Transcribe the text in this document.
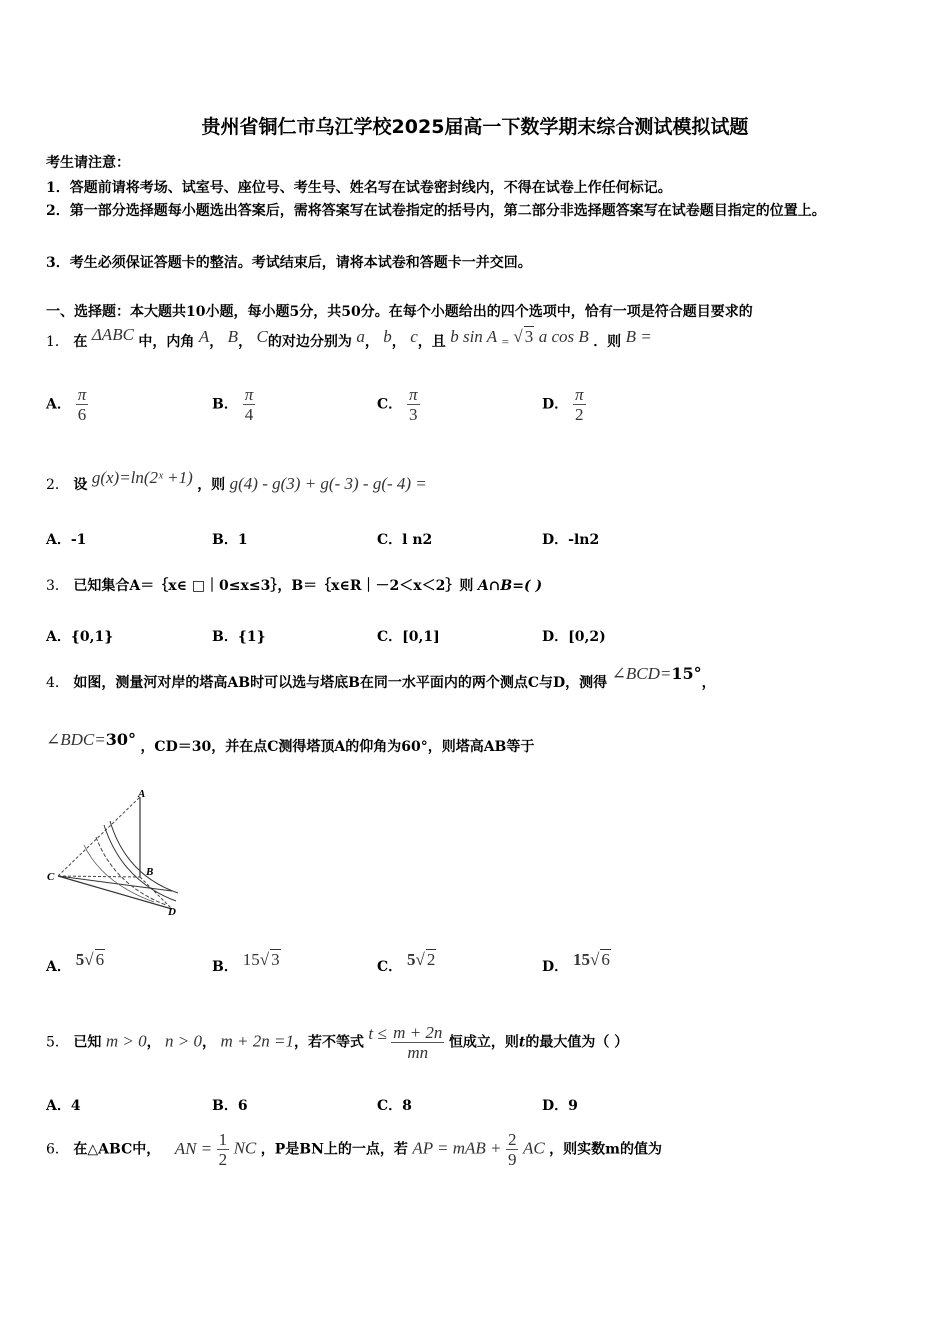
贵州省铜仁市乌江学校2025届高一下数学期末综合测试模拟试题
考生请注意：
1．答题前请将考场、试室号、座位号、考生号、姓名写在试卷密封线内，不得在试卷上作任何标记。
2．第一部分选择题每小题选出答案后，需将答案写在试卷指定的括号内，第二部分非选择题答案写在试卷题目指定的位置上。
3．考生必须保证答题卡的整洁。考试结束后，请将本试卷和答题卡一并交回。
一、选择题：本大题共10小题，每小题5分，共50分。在每个小题给出的四个选项中，恰有一项是符合题目要求的
1． 在 ΔABC 中，内角 A， B， C的对边分别为 a， b， c，且 b sin A = √ 3 a cos B ．则 B =
A． $\frac{\pi}{6}$	B． $\frac{\pi}{4}$	C． $\frac{\pi}{3}$	D． $\frac{\pi}{2}$
2． 设 g(x)=ln(2ˣ +1) ，则 g(4) - g(3) + g(- 3) - g(- 4) =
A．-1	B．1	C．l n2	D．-ln2
3． 已知集合A＝｛x∈ □｜0≤x≤3｝，B＝｛x∈R｜－2＜x＜2｝则 A∩B=( )
A．{0,1}	B．{1}	C．[0,1]	D．[0,2)
4． 如图，测量河对岸的塔高AB时可以选与塔底B在同一水平面内的两个测点C与D，测得 ∠BCD=15°，
∠BDC=30° ，CD＝30，并在点C测得塔顶A的仰角为60°，则塔高AB等于
A
B
C
D
A． 5√ 6	B． 15√ 3	C． 5√ 2	D． 15√ 6
5． 已知 m > 0， n > 0， m + 2n =1，若不等式 $t \le \frac{m + 2n}{mn}$ 恒成立，则t的最大值为（ ）
A．4	B．6	C．8	D．9
6． 在△ABC中， AN = $\frac{1}{2}$ NC ，P是BN上的一点，若 AP = mAB + $\frac{2}{9}$ AC ，则实数m的值为
